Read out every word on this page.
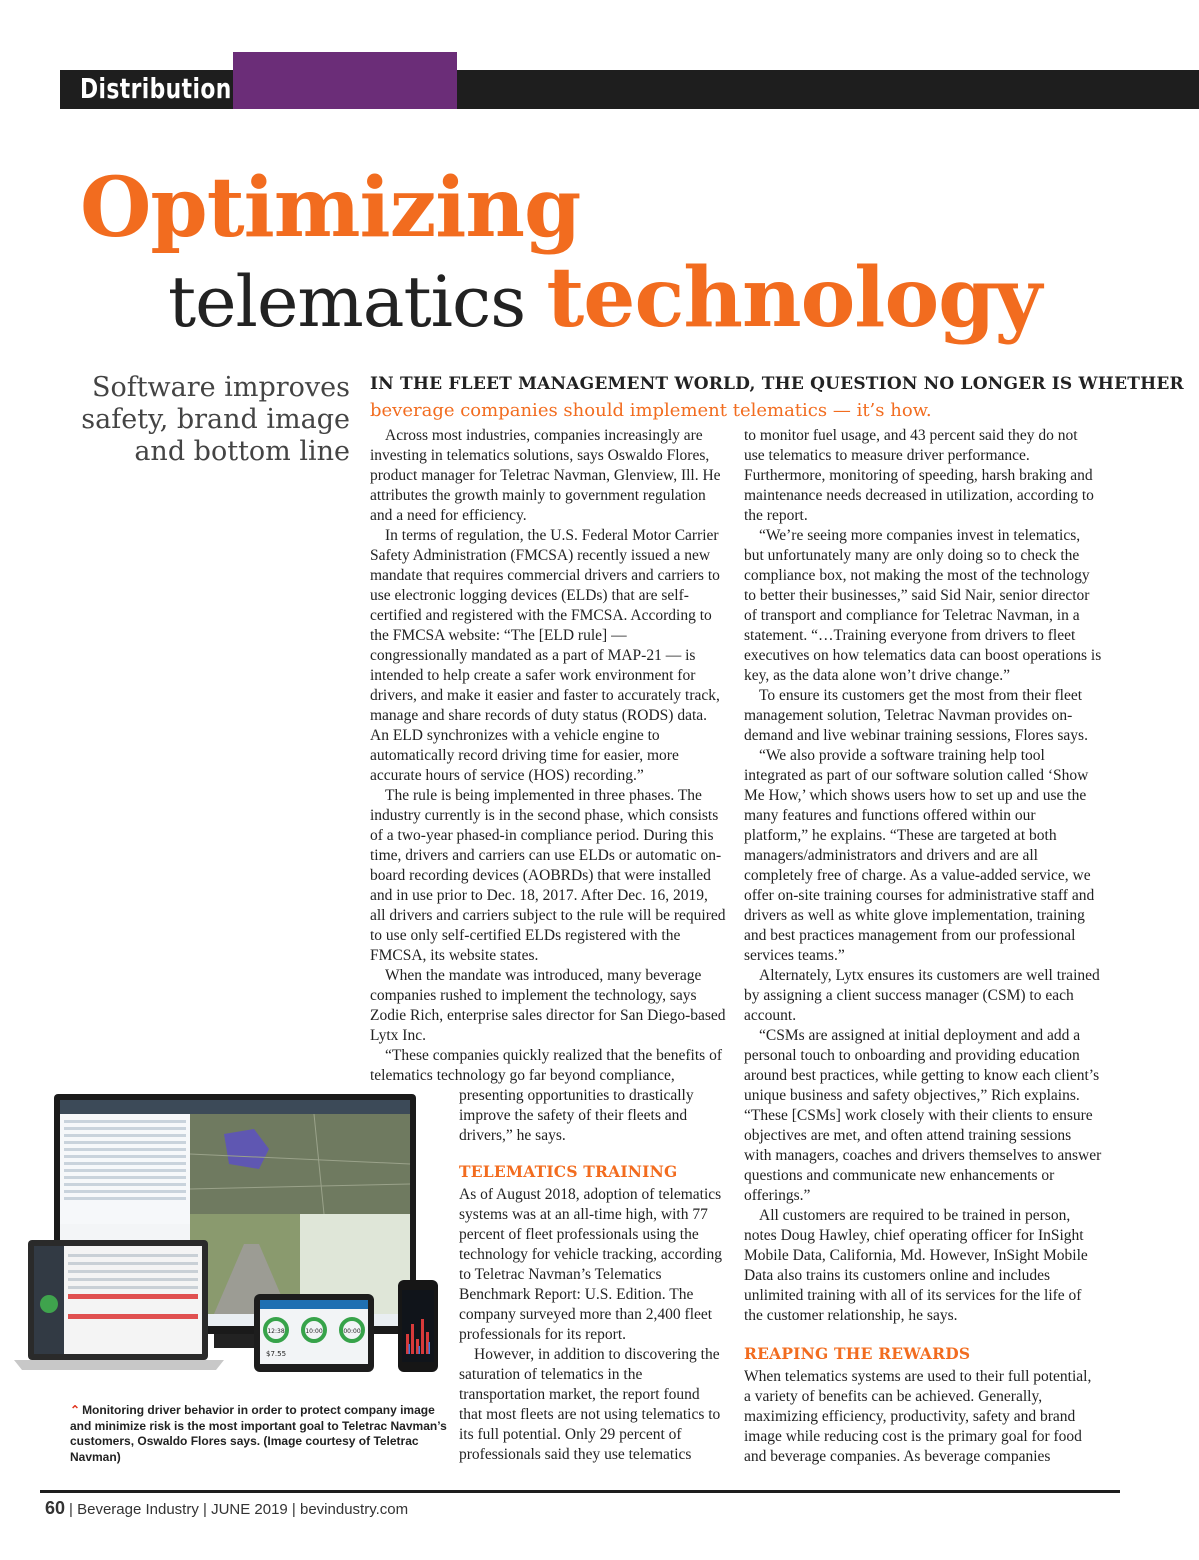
Distribution
Optimizing
telematics technology
Software improves safety, brand image and bottom line
IN THE FLEET MANAGEMENT WORLD, THE QUESTION NO LONGER IS WHETHER
beverage companies should implement telematics — it’s how.

Across most industries, companies increasingly are investing in telematics solutions, says Oswaldo Flores, product manager for Teletrac Navman, Glenview, Ill. He attributes the growth mainly to government regulation and a need for efficiency.

In terms of regulation, the U.S. Federal Motor Carrier Safety Administration (FMCSA) recently issued a new mandate that requires commercial drivers and carriers to use electronic logging devices (ELDs) that are self-certified and registered with the FMCSA. According to the FMCSA website: “The [ELD rule] — congressionally mandated as a part of MAP-21 — is intended to help create a safer work environment for drivers, and make it easier and faster to accurately track, manage and share records of duty status (RODS) data. An ELD synchronizes with a vehicle engine to automatically record driving time for easier, more accurate hours of service (HOS) recording.”

The rule is being implemented in three phases. The industry currently is in the second phase, which consists of a two-year phased-in compliance period. During this time, drivers and carriers can use ELDs or automatic on-board recording devices (AOBRDs) that were installed and in use prior to Dec. 18, 2017. After Dec. 16, 2019, all drivers and carriers subject to the rule will be required to use only self-certified ELDs registered with the FMCSA, its website states.

When the mandate was introduced, many beverage companies rushed to implement the technology, says Zodie Rich, enterprise sales director for San Diego-based Lytx Inc.

“These companies quickly realized that the benefits of telematics technology go far beyond compliance,

presenting opportunities to drastically improve the safety of their fleets and drivers,” he says.

TELEMATICS TRAINING

As of August 2018, adoption of telematics systems was at an all-time high, with 77 percent of fleet professionals using the technology for vehicle tracking, according to Teletrac Navman’s Telematics Benchmark Report: U.S. Edition. The company surveyed more than 2,400 fleet professionals for its report.

However, in addition to discovering the saturation of telematics in the transportation market, the report found that most fleets are not using telematics to its full potential. Only 29 percent of professionals said they use telematics

to monitor fuel usage, and 43 percent said they do not use telematics to measure driver performance. Furthermore, monitoring of speeding, harsh braking and maintenance needs decreased in utilization, according to the report.

“We’re seeing more companies invest in telematics, but unfortunately many are only doing so to check the compliance box, not making the most of the technology to better their businesses,” said Sid Nair, senior director of transport and compliance for Teletrac Navman, in a statement. “…Training everyone from drivers to fleet executives on how telematics data can boost operations is key, as the data alone won’t drive change.”

To ensure its customers get the most from their fleet management solution, Teletrac Navman provides on-demand and live webinar training sessions, Flores says.

“We also provide a software training help tool integrated as part of our software solution called ‘Show Me How,’ which shows users how to set up and use the many features and functions offered within our platform,” he explains. “These are targeted at both managers/administrators and drivers and are all completely free of charge. As a value-added service, we offer on-site training courses for administrative staff and drivers as well as white glove implementation, training and best practices management from our professional services teams.”

Alternately, Lytx ensures its customers are well trained by assigning a client success manager (CSM) to each account.

“CSMs are assigned at initial deployment and add a personal touch to onboarding and providing education around best practices, while getting to know each client’s unique business and safety objectives,” Rich explains. “These [CSMs] work closely with their clients to ensure objectives are met, and often attend training sessions with managers, coaches and drivers themselves to answer questions and communicate new enhancements or offerings.”

All customers are required to be trained in person, notes Doug Hawley, chief operating officer for InSight Mobile Data, California, Md. However, InSight Mobile Data also trains its customers online and includes unlimited training with all of its services for the life of the customer relationship, he says.

REAPING THE REWARDS

When telematics systems are used to their full potential, a variety of benefits can be achieved. Generally, maximizing efficiency, productivity, safety and brand image while reducing cost is the primary goal for food and beverage companies. As beverage companies

12:38	10:00	00:00
$7.55
⌃ Monitoring driver behavior in order to protect company image and minimize risk is the most important goal to Teletrac Navman’s customers, Oswaldo Flores says. (Image courtesy of Teletrac Navman)
60 | Beverage Industry | JUNE 2019 | bevindustry.com
